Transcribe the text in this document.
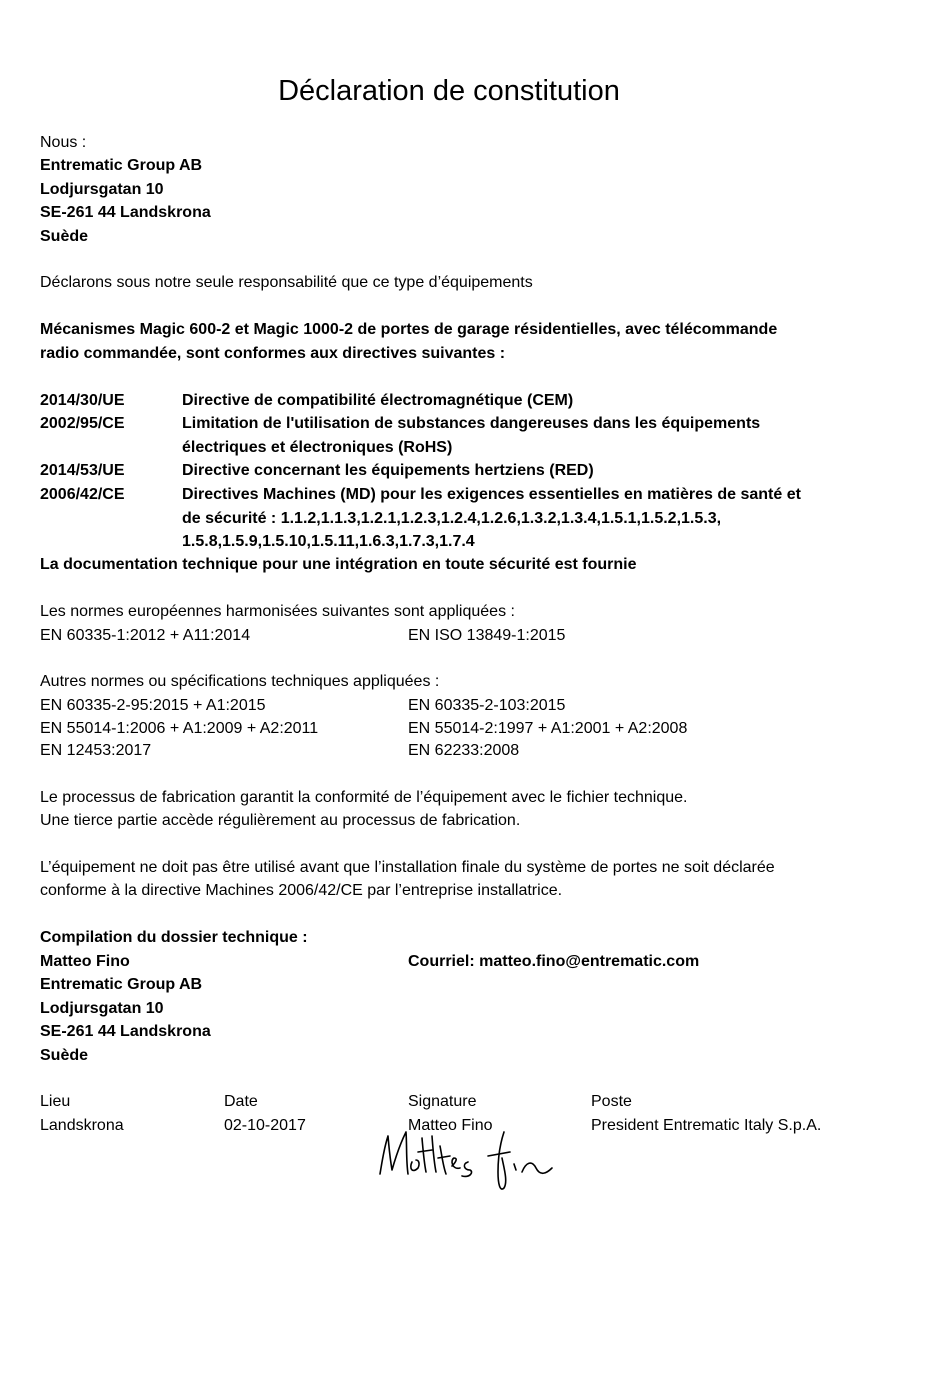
Déclaration de constitution
Nous :
Entrematic Group AB
Lodjursgatan 10
SE-261 44 Landskrona
Suède
Déclarons sous notre seule responsabilité que ce type d’équipements
Mécanismes Magic 600-2 et Magic 1000-2 de portes de garage résidentielles, avec télécommande
radio commandée, sont conformes aux directives suivantes :
2014/30/UE	Directive de compatibilité électromagnétique (CEM)
2002/95/CE	Limitation de l'utilisation de substances dangereuses dans les équipements
électriques et électroniques (RoHS)
2014/53/UE	Directive concernant les équipements hertziens (RED)
2006/42/CE	Directives Machines (MD) pour les exigences essentielles en matières de santé et
de sécurité : 1.1.2,1.1.3,1.2.1,1.2.3,1.2.4,1.2.6,1.3.2,1.3.4,1.5.1,1.5.2,1.5.3,
1.5.8,1.5.9,1.5.10,1.5.11,1.6.3,1.7.3,1.7.4
La documentation technique pour une intégration en toute sécurité est fournie
Les normes européennes harmonisées suivantes sont appliquées :
EN 60335-1:2012 + A11:2014	EN ISO 13849-1:2015
Autres normes ou spécifications techniques appliquées :
EN 60335-2-95:2015 + A1:2015	EN 60335-2-103:2015
EN 55014-1:2006 + A1:2009 + A2:2011	EN 55014-2:1997 + A1:2001 + A2:2008
EN 12453:2017	EN 62233:2008
Le processus de fabrication garantit la conformité de l’équipement avec le fichier technique.
Une tierce partie accède régulièrement au processus de fabrication.
L’équipement ne doit pas être utilisé avant que l’installation finale du système de portes ne soit déclarée
conforme à la directive Machines 2006/42/CE par l’entreprise installatrice.
Compilation du dossier technique :
Matteo Fino	Courriel: matteo.fino@entrematic.com
Entrematic Group AB
Lodjursgatan 10
SE-261 44 Landskrona
Suède
Lieu	Date	Signature	Poste
Landskrona	02-10-2017	Matteo Fino	President Entrematic Italy S.p.A.
